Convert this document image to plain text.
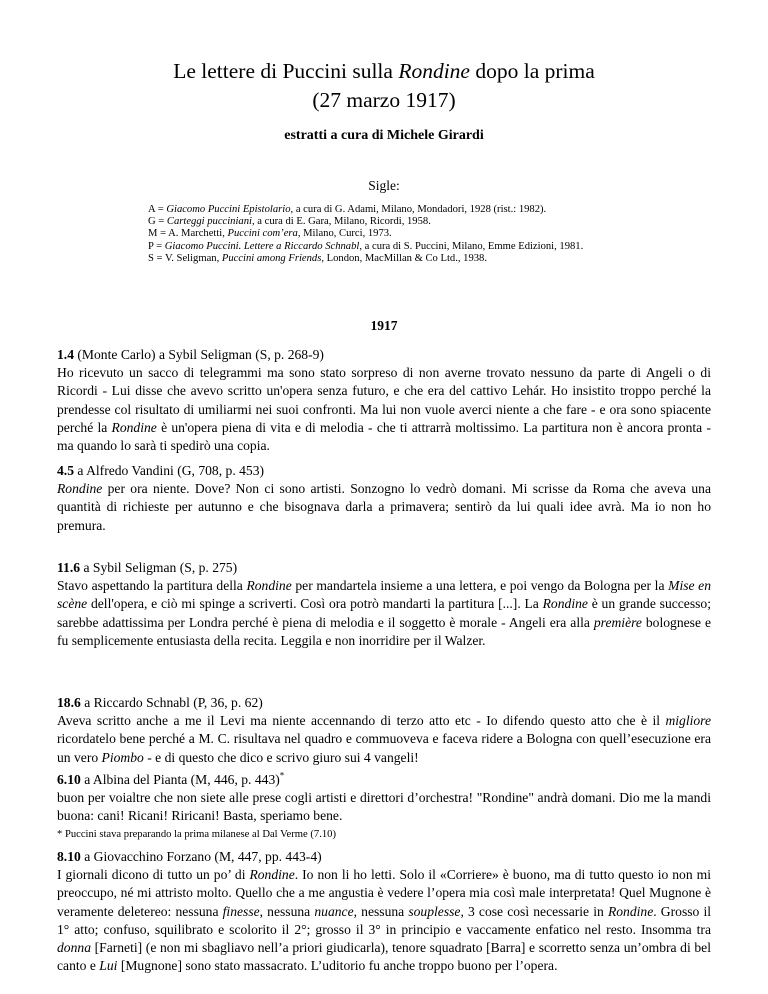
Le lettere di Puccini sulla Rondine dopo la prima
(27 marzo 1917)
estratti a cura di Michele Girardi
Sigle:
A = Giacomo Puccini Epistolario, a cura di G. Adami, Milano, Mondadori, 1928 (rist.: 1982).
G = Carteggi pucciniani, a cura di E. Gara, Milano, Ricordi, 1958.
M = A. Marchetti, Puccini com’era, Milano, Curci, 1973.
P = Giacomo Puccini. Lettere a Riccardo Schnabl, a cura di S. Puccini, Milano, Emme Edizioni, 1981.
S = V. Seligman, Puccini among Friends, London, MacMillan & Co Ltd., 1938.
1917
1.4 (Monte Carlo) a Sybil Seligman (S, p. 268-9)
Ho ricevuto un sacco di telegrammi ma sono stato sorpreso di non averne trovato nessuno da parte di Angeli o di Ricordi - Lui disse che avevo scritto un'opera senza futuro, e che era del cattivo Lehár. Ho insistito troppo perché la prendesse col risultato di umiliarmi nei suoi confronti. Ma lui non vuole averci niente a che fare - e ora sono spiacente perché la Rondine è un'opera piena di vita e di melodia - che ti attrarrà moltissimo. La partitura non è ancora pronta - ma quando lo sarà ti spedirò una copia.
4.5 a Alfredo Vandini (G, 708, p. 453)
Rondine per ora niente. Dove? Non ci sono artisti. Sonzogno lo vedrò domani. Mi scrisse da Roma che aveva una quantità di richieste per autunno e che bisognava darla a primavera; sentirò da lui quali idee avrà. Ma io non ho premura.
11.6 a Sybil Seligman (S, p. 275)
Stavo aspettando la partitura della Rondine per mandartela insieme a una lettera, e poi vengo da Bologna per la Mise en scène dell'opera, e ciò mi spinge a scriverti. Così ora potrò mandarti la partitura [...]. La Rondine è un grande successo; sarebbe adattissima per Londra perché è piena di melodia e il soggetto è morale - Angeli era alla première bolognese e fu semplicemente entusiasta della recita. Leggila e non inorridire per il Walzer.
18.6 a Riccardo Schnabl (P, 36, p. 62)
Aveva scritto anche a me il Levi ma niente accennando di terzo atto etc - Io difendo questo atto che è il migliore ricordatelo bene perché a M. C. risultava nel quadro e commuoveva e faceva ridere a Bologna con quell’esecuzione era un vero Piombo - e di questo che dico e scrivo giuro sui 4 vangeli!
6.10 a Albina del Pianta (M, 446, p. 443)*
buon per voialtre che non siete alle prese cogli artisti e direttori d’orchestra! "Rondine" andrà domani. Dio me la mandi buona: cani! Ricani! Riricani! Basta, speriamo bene.
* Puccini stava preparando la prima milanese al Dal Verme (7.10)
8.10 a Giovacchino Forzano (M, 447, pp. 443-4)
I giornali dicono di tutto un po’ di Rondine. Io non li ho letti. Solo il «Corriere» è buono, ma di tutto questo io non mi preoccupo, né mi attristo molto. Quello che a me angustia è vedere l’opera mia così male interpretata! Quel Mugnone è veramente deletereo: nessuna finesse, nessuna nuance, nessuna souplesse, 3 cose così necessarie in Rondine. Grosso il 1° atto; confuso, squilibrato e scolorito il 2°; grosso il 3° in principio e vaccamente enfatico nel resto. Insomma tra donna [Farneti] (e non mi sbagliavo nell’a priori giudicarla), tenore squadrato [Barra] e scorretto senza un’ombra di bel canto e Lui [Mugnone] sono stato massacrato. L’uditorio fu anche troppo buono per l’opera.
